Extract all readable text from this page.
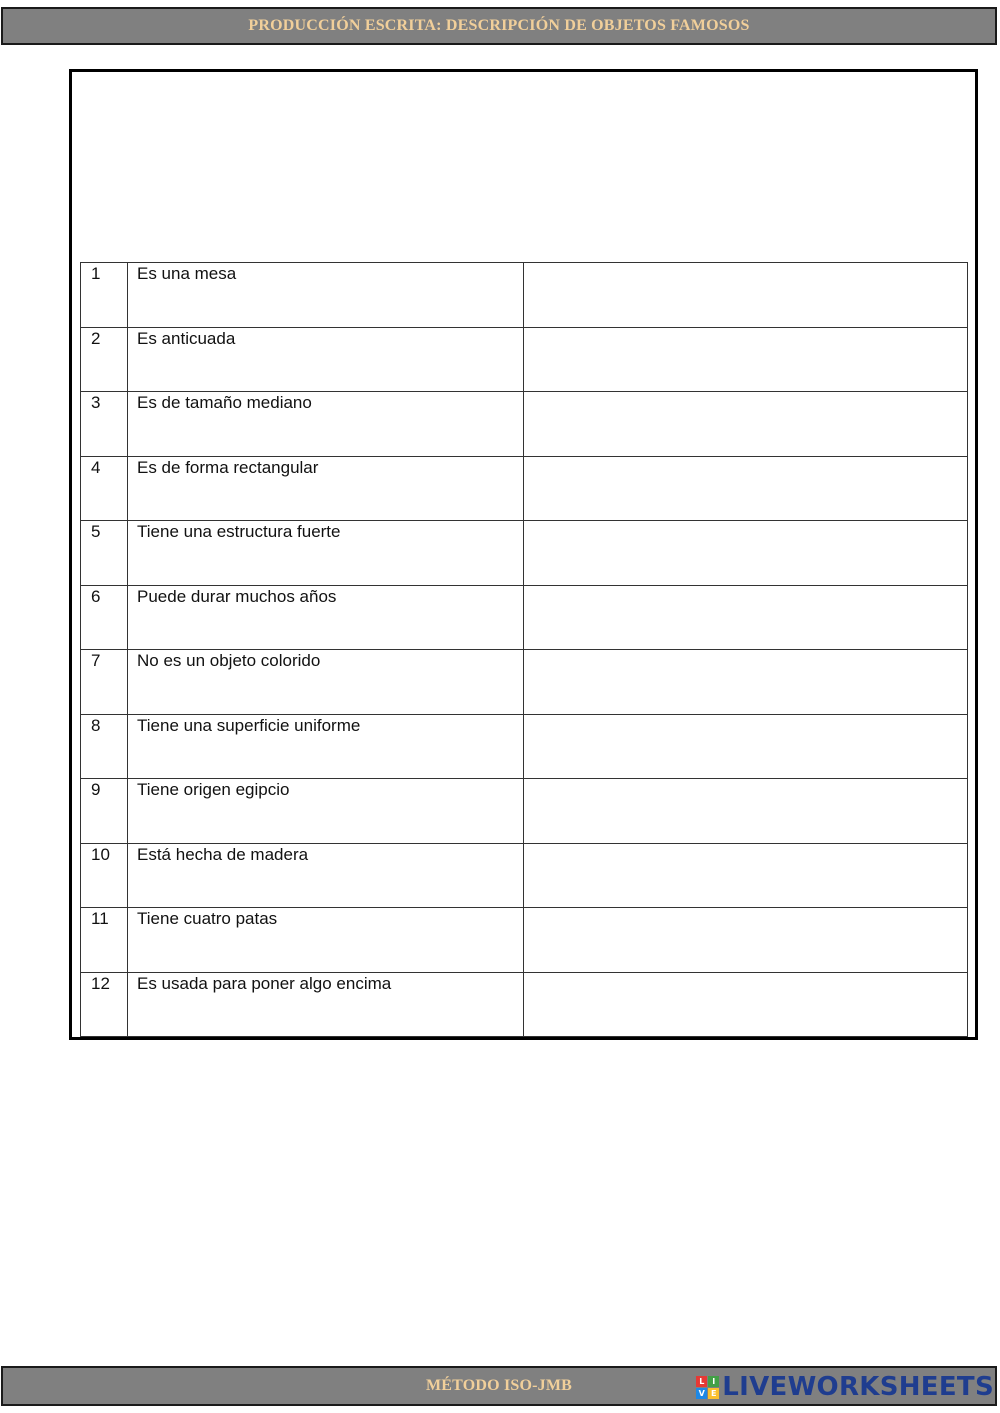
PRODUCCIÓN ESCRITA: DESCRIPCIÓN DE OBJETOS FAMOSOS
1	Es una mesa	

2	Es anticuada	

3	Es de tamaño mediano	

4	Es de forma rectangular	

5	Tiene una estructura fuerte	

6	Puede durar muchos años	

7	No es un objeto colorido	

8	Tiene una superficie uniforme	

9	Tiene origen egipcio	

10	Está hecha de madera	

11	Tiene cuatro patas	

12	Es usada para poner algo encima	

MÉTODO ISO-JMB	L I
V E LIVEWORKSHEETS
